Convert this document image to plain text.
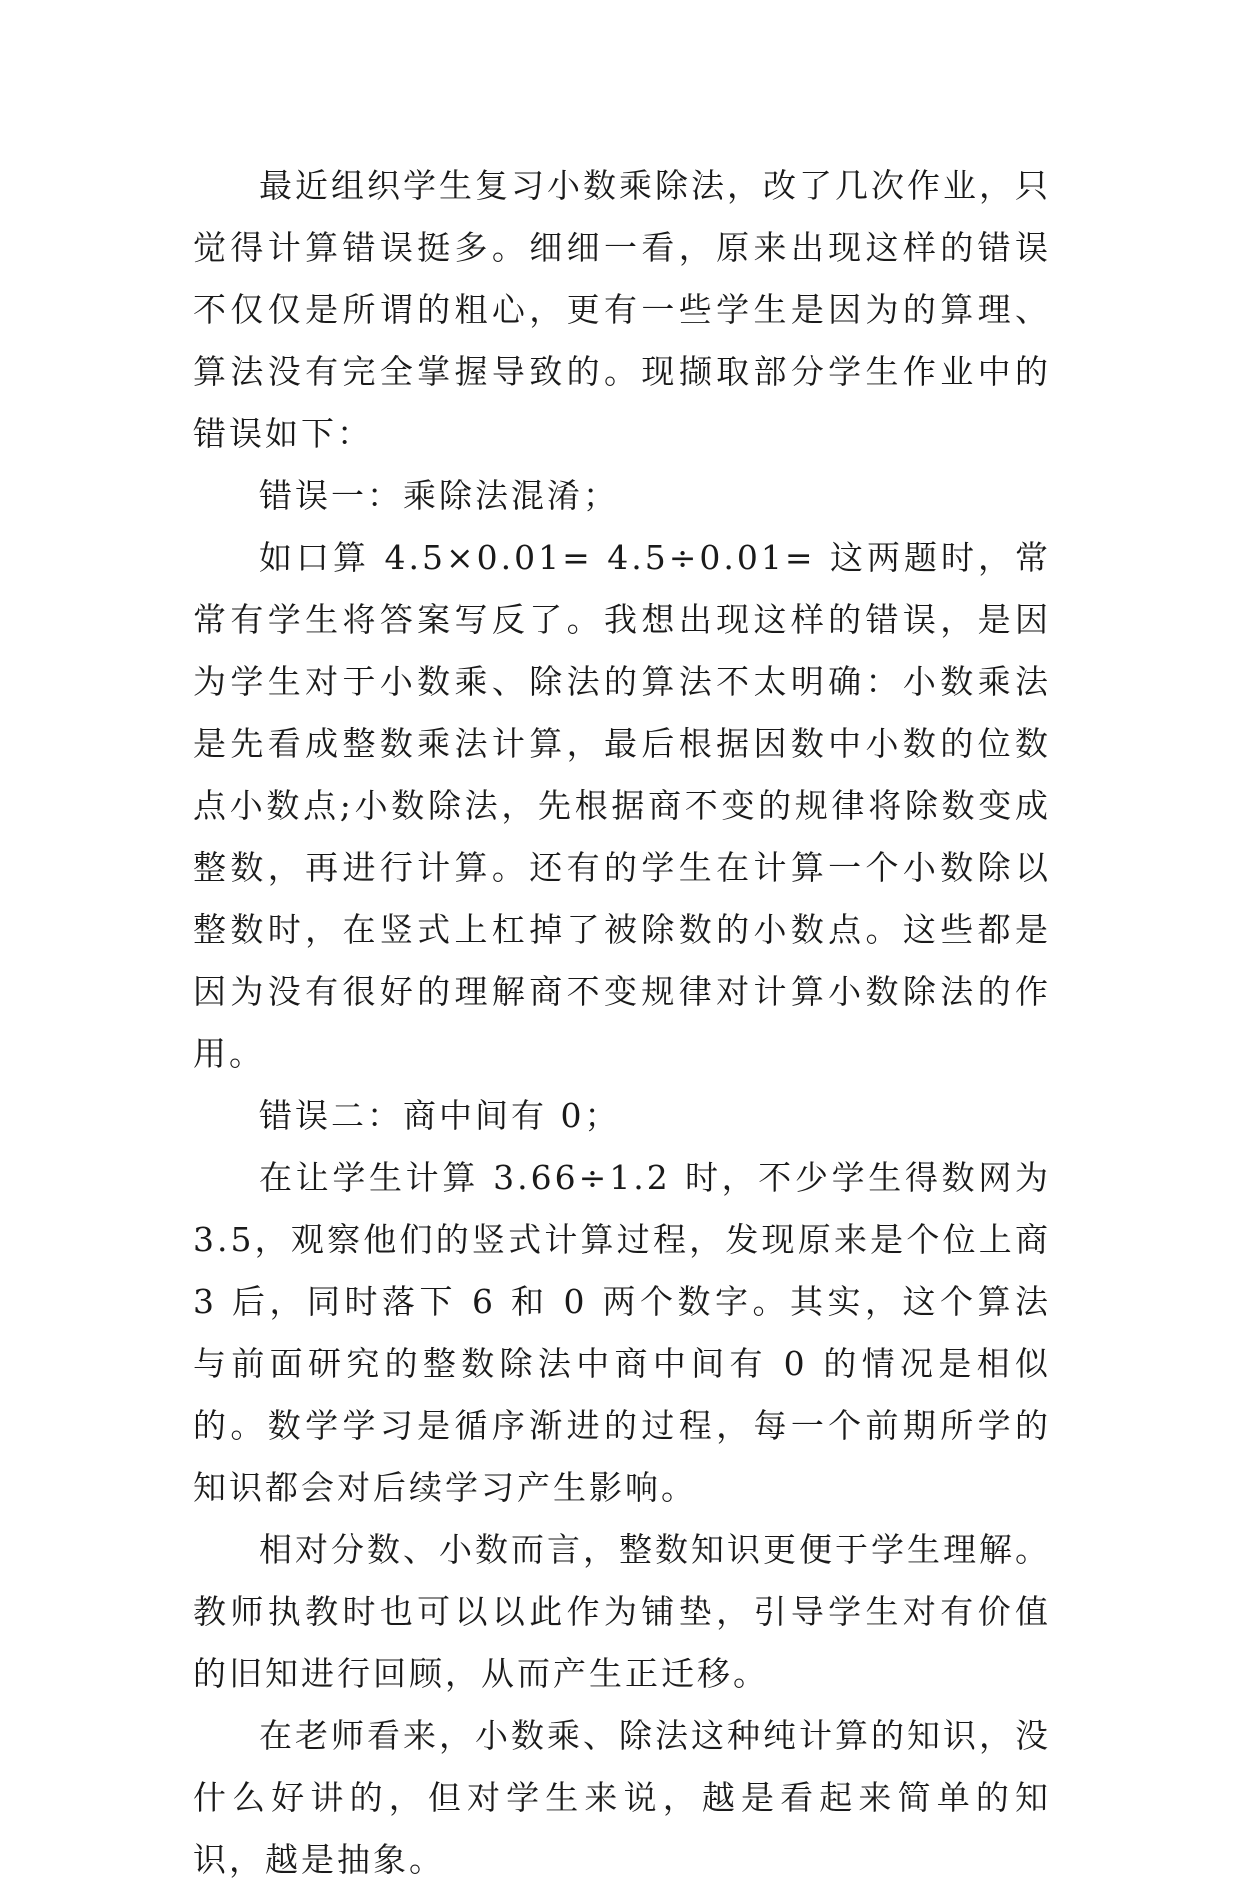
最近组织学生复习小数乘除法，改了几次作业，只觉得计算错误挺多。细细一看，原来出现这样的错误不仅仅是所谓的粗心，更有一些学生是因为的算理、算法没有完全掌握导致的。现撷取部分学生作业中的错误如下：

错误一：乘除法混淆；

如口算 4.5×0.01= 4.5÷0.01= 这两题时，常常有学生将答案写反了。我想出现这样的错误，是因为学生对于小数乘、除法的算法不太明确：小数乘法是先看成整数乘法计算，最后根据因数中小数的位数点小数点;小数除法，先根据商不变的规律将除数变成整数，再进行计算。还有的学生在计算一个小数除以整数时，在竖式上杠掉了被除数的小数点。这些都是因为没有很好的理解商不变规律对计算小数除法的作用。

错误二：商中间有 0；

在让学生计算 3.66÷1.2 时，不少学生得数网为 3.5，观察他们的竖式计算过程，发现原来是个位上商 3 后，同时落下 6 和 0 两个数字。其实，这个算法与前面研究的整数除法中商中间有 0 的情况是相似的。数学学习是循序渐进的过程，每一个前期所学的知识都会对后续学习产生影响。

相对分数、小数而言，整数知识更便于学生理解。教师执教时也可以以此作为铺垫，引导学生对有价值的旧知进行回顾，从而产生正迁移。

在老师看来，小数乘、除法这种纯计算的知识，没什么好讲的，但对学生来说，越是看起来简单的知识，越是抽象。
